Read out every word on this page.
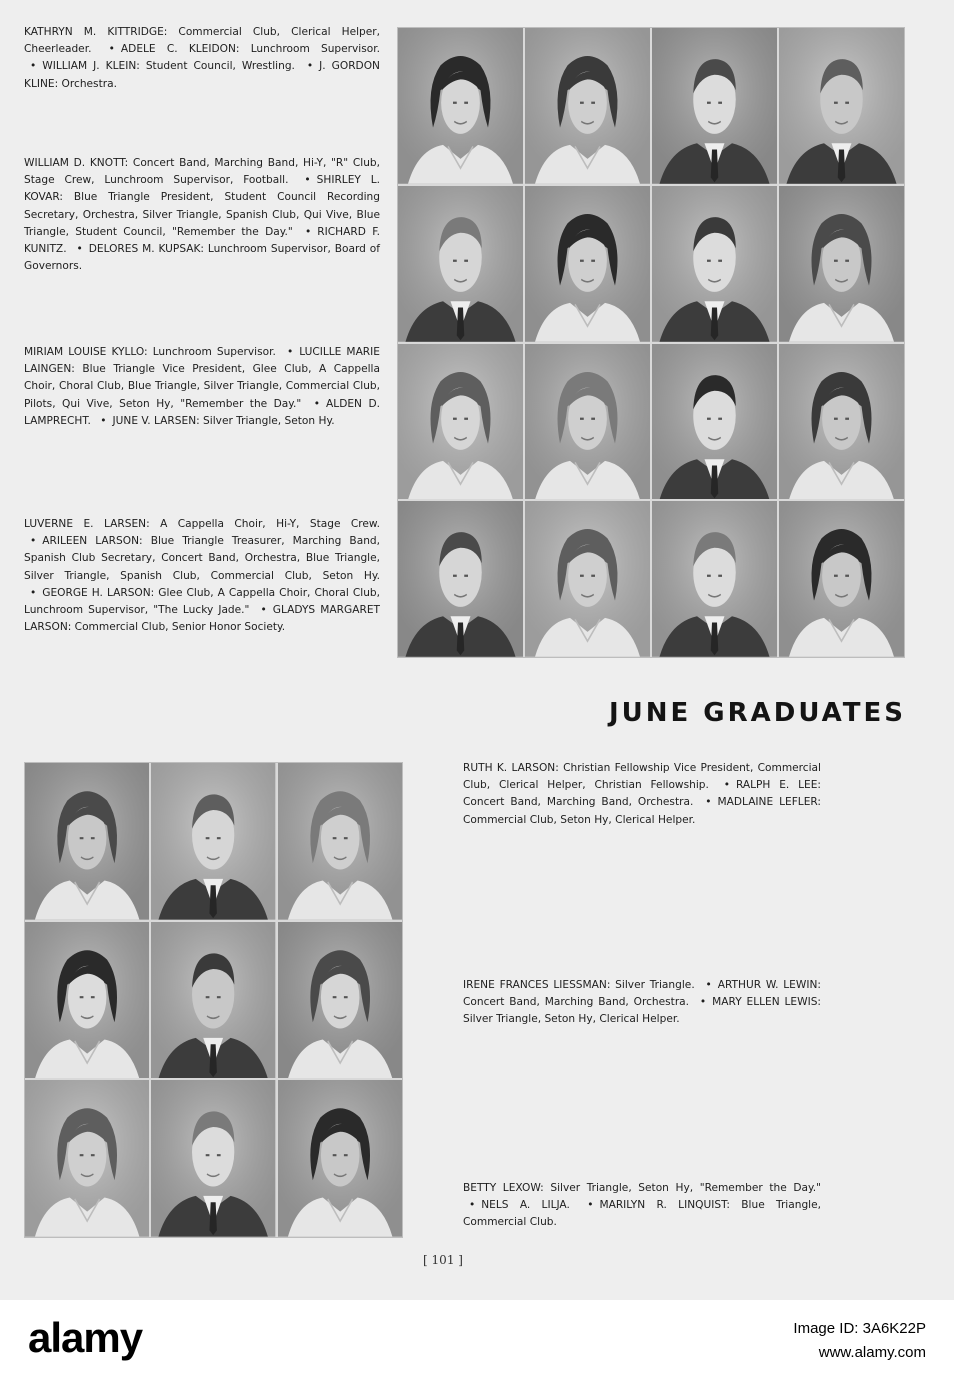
KATHRYN M. KITTRIDGE: Commercial Club, Clerical Helper, Cheerleader. • ADELE C. KLEIDON: Lunchroom Supervisor. • WILLIAM J. KLEIN: Student Council, Wrestling. • J. GORDON KLINE: Orchestra.
WILLIAM D. KNOTT: Concert Band, Marching Band, Hi-Y, "R" Club, Stage Crew, Lunchroom Supervisor, Football. • SHIRLEY L. KOVAR: Blue Triangle President, Student Council Recording Secretary, Orchestra, Silver Triangle, Spanish Club, Qui Vive, Blue Triangle, Student Council, "Remember the Day." • RICHARD F. KUNITZ. • DELORES M. KUPSAK: Lunchroom Supervisor, Board of Governors.
MIRIAM LOUISE KYLLO: Lunchroom Supervisor. • LUCILLE MARIE LAINGEN: Blue Triangle Vice President, Glee Club, A Cappella Choir, Choral Club, Blue Triangle, Silver Triangle, Commercial Club, Pilots, Qui Vive, Seton Hy, "Remember the Day." • ALDEN D. LAMPRECHT. • JUNE V. LARSEN: Silver Triangle, Seton Hy.
LUVERNE E. LARSEN: A Cappella Choir, Hi-Y, Stage Crew. • ARILEEN LARSON: Blue Triangle Treasurer, Marching Band, Spanish Club Secretary, Concert Band, Orchestra, Blue Triangle, Silver Triangle, Spanish Club, Commercial Club, Seton Hy. • GEORGE H. LARSON: Glee Club, A Cappella Choir, Choral Club, Lunchroom Supervisor, "The Lucky Jade." • GLADYS MARGARET LARSON: Commercial Club, Senior Honor Society.
JUNE GRADUATES
RUTH K. LARSON: Christian Fellowship Vice President, Commercial Club, Clerical Helper, Christian Fellowship. • RALPH E. LEE: Concert Band, Marching Band, Orchestra. • MADLAINE LEFLER: Commercial Club, Seton Hy, Clerical Helper.
IRENE FRANCES LIESSMAN: Silver Triangle. • ARTHUR W. LEWIN: Concert Band, Marching Band, Orchestra. • MARY ELLEN LEWIS: Silver Triangle, Seton Hy, Clerical Helper.
BETTY LEXOW: Silver Triangle, Seton Hy, "Remember the Day." • NELS A. LILJA. • MARILYN R. LINQUIST: Blue Triangle, Commercial Club.
[ 101 ]
alamy	Image ID: 3A6K22P
www.alamy.com
